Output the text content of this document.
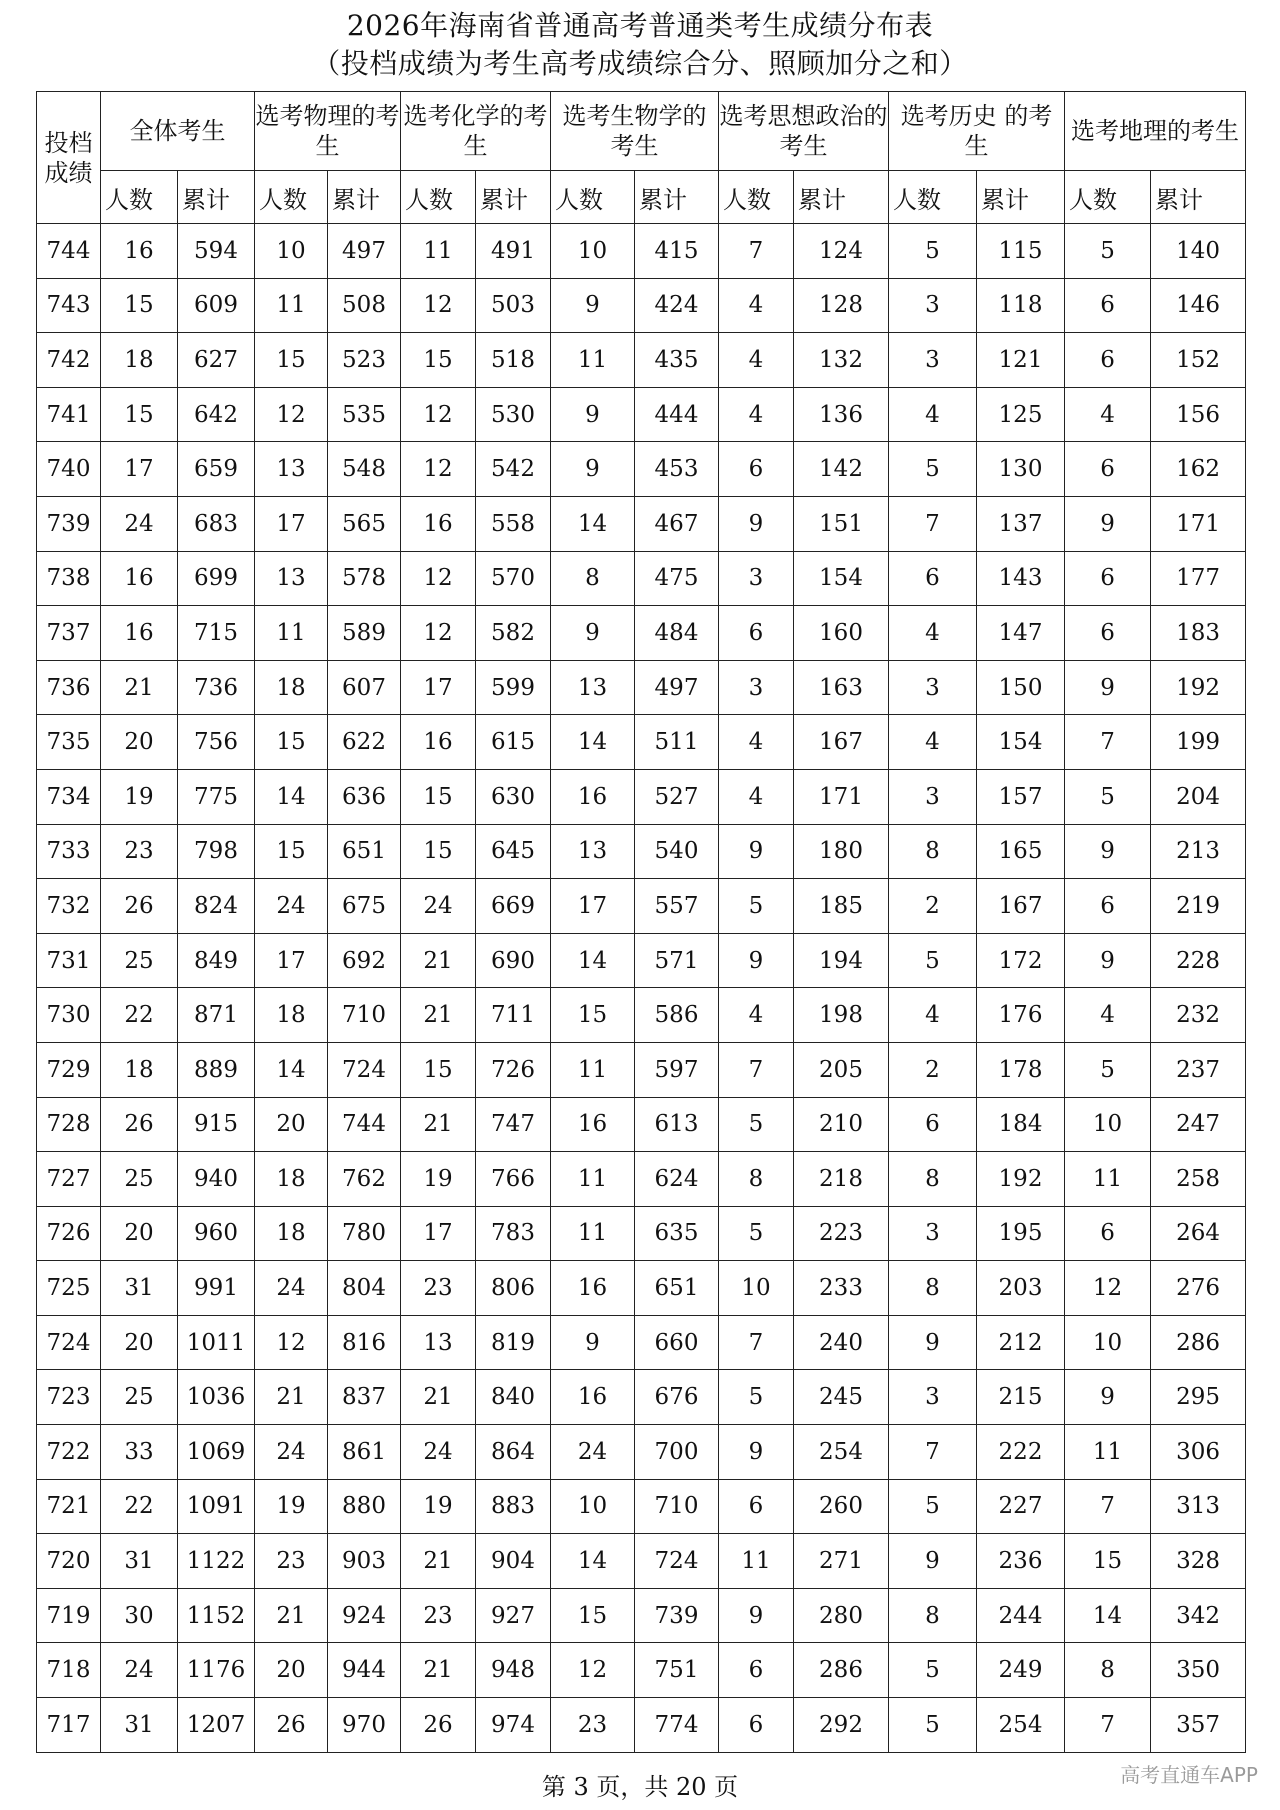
2026年海南省普通高考普通类考生成绩分布表
（投档成绩为考生高考成绩综合分、照顾加分之和）
投档成绩	全体考生		选考物理的考生		选考化学的考生		选考生物学的考生		选考思想政治的考生		选考历史 的考生		选考地理的考生	
	人数	累计	人数	累计	人数	累计	人数	累计	人数	累计	人数	累计	人数	累计
744	16	594	10	497	11	491	10	415	7	124	5	115	5	140
743	15	609	11	508	12	503	9	424	4	128	3	118	6	146
742	18	627	15	523	15	518	11	435	4	132	3	121	6	152
741	15	642	12	535	12	530	9	444	4	136	4	125	4	156
740	17	659	13	548	12	542	9	453	6	142	5	130	6	162
739	24	683	17	565	16	558	14	467	9	151	7	137	9	171
738	16	699	13	578	12	570	8	475	3	154	6	143	6	177
737	16	715	11	589	12	582	9	484	6	160	4	147	6	183
736	21	736	18	607	17	599	13	497	3	163	3	150	9	192
735	20	756	15	622	16	615	14	511	4	167	4	154	7	199
734	19	775	14	636	15	630	16	527	4	171	3	157	5	204
733	23	798	15	651	15	645	13	540	9	180	8	165	9	213
732	26	824	24	675	24	669	17	557	5	185	2	167	6	219
731	25	849	17	692	21	690	14	571	9	194	5	172	9	228
730	22	871	18	710	21	711	15	586	4	198	4	176	4	232
729	18	889	14	724	15	726	11	597	7	205	2	178	5	237
728	26	915	20	744	21	747	16	613	5	210	6	184	10	247
727	25	940	18	762	19	766	11	624	8	218	8	192	11	258
726	20	960	18	780	17	783	11	635	5	223	3	195	6	264
725	31	991	24	804	23	806	16	651	10	233	8	203	12	276
724	20	1011	12	816	13	819	9	660	7	240	9	212	10	286
723	25	1036	21	837	21	840	16	676	5	245	3	215	9	295
722	33	1069	24	861	24	864	24	700	9	254	7	222	11	306
721	22	1091	19	880	19	883	10	710	6	260	5	227	7	313
720	31	1122	23	903	21	904	14	724	11	271	9	236	15	328
719	30	1152	21	924	23	927	15	739	9	280	8	244	14	342
718	24	1176	20	944	21	948	12	751	6	286	5	249	8	350
717	31	1207	26	970	26	974	23	774	6	292	5	254	7	357
第 3 页，共 20 页	高考直通车APP
